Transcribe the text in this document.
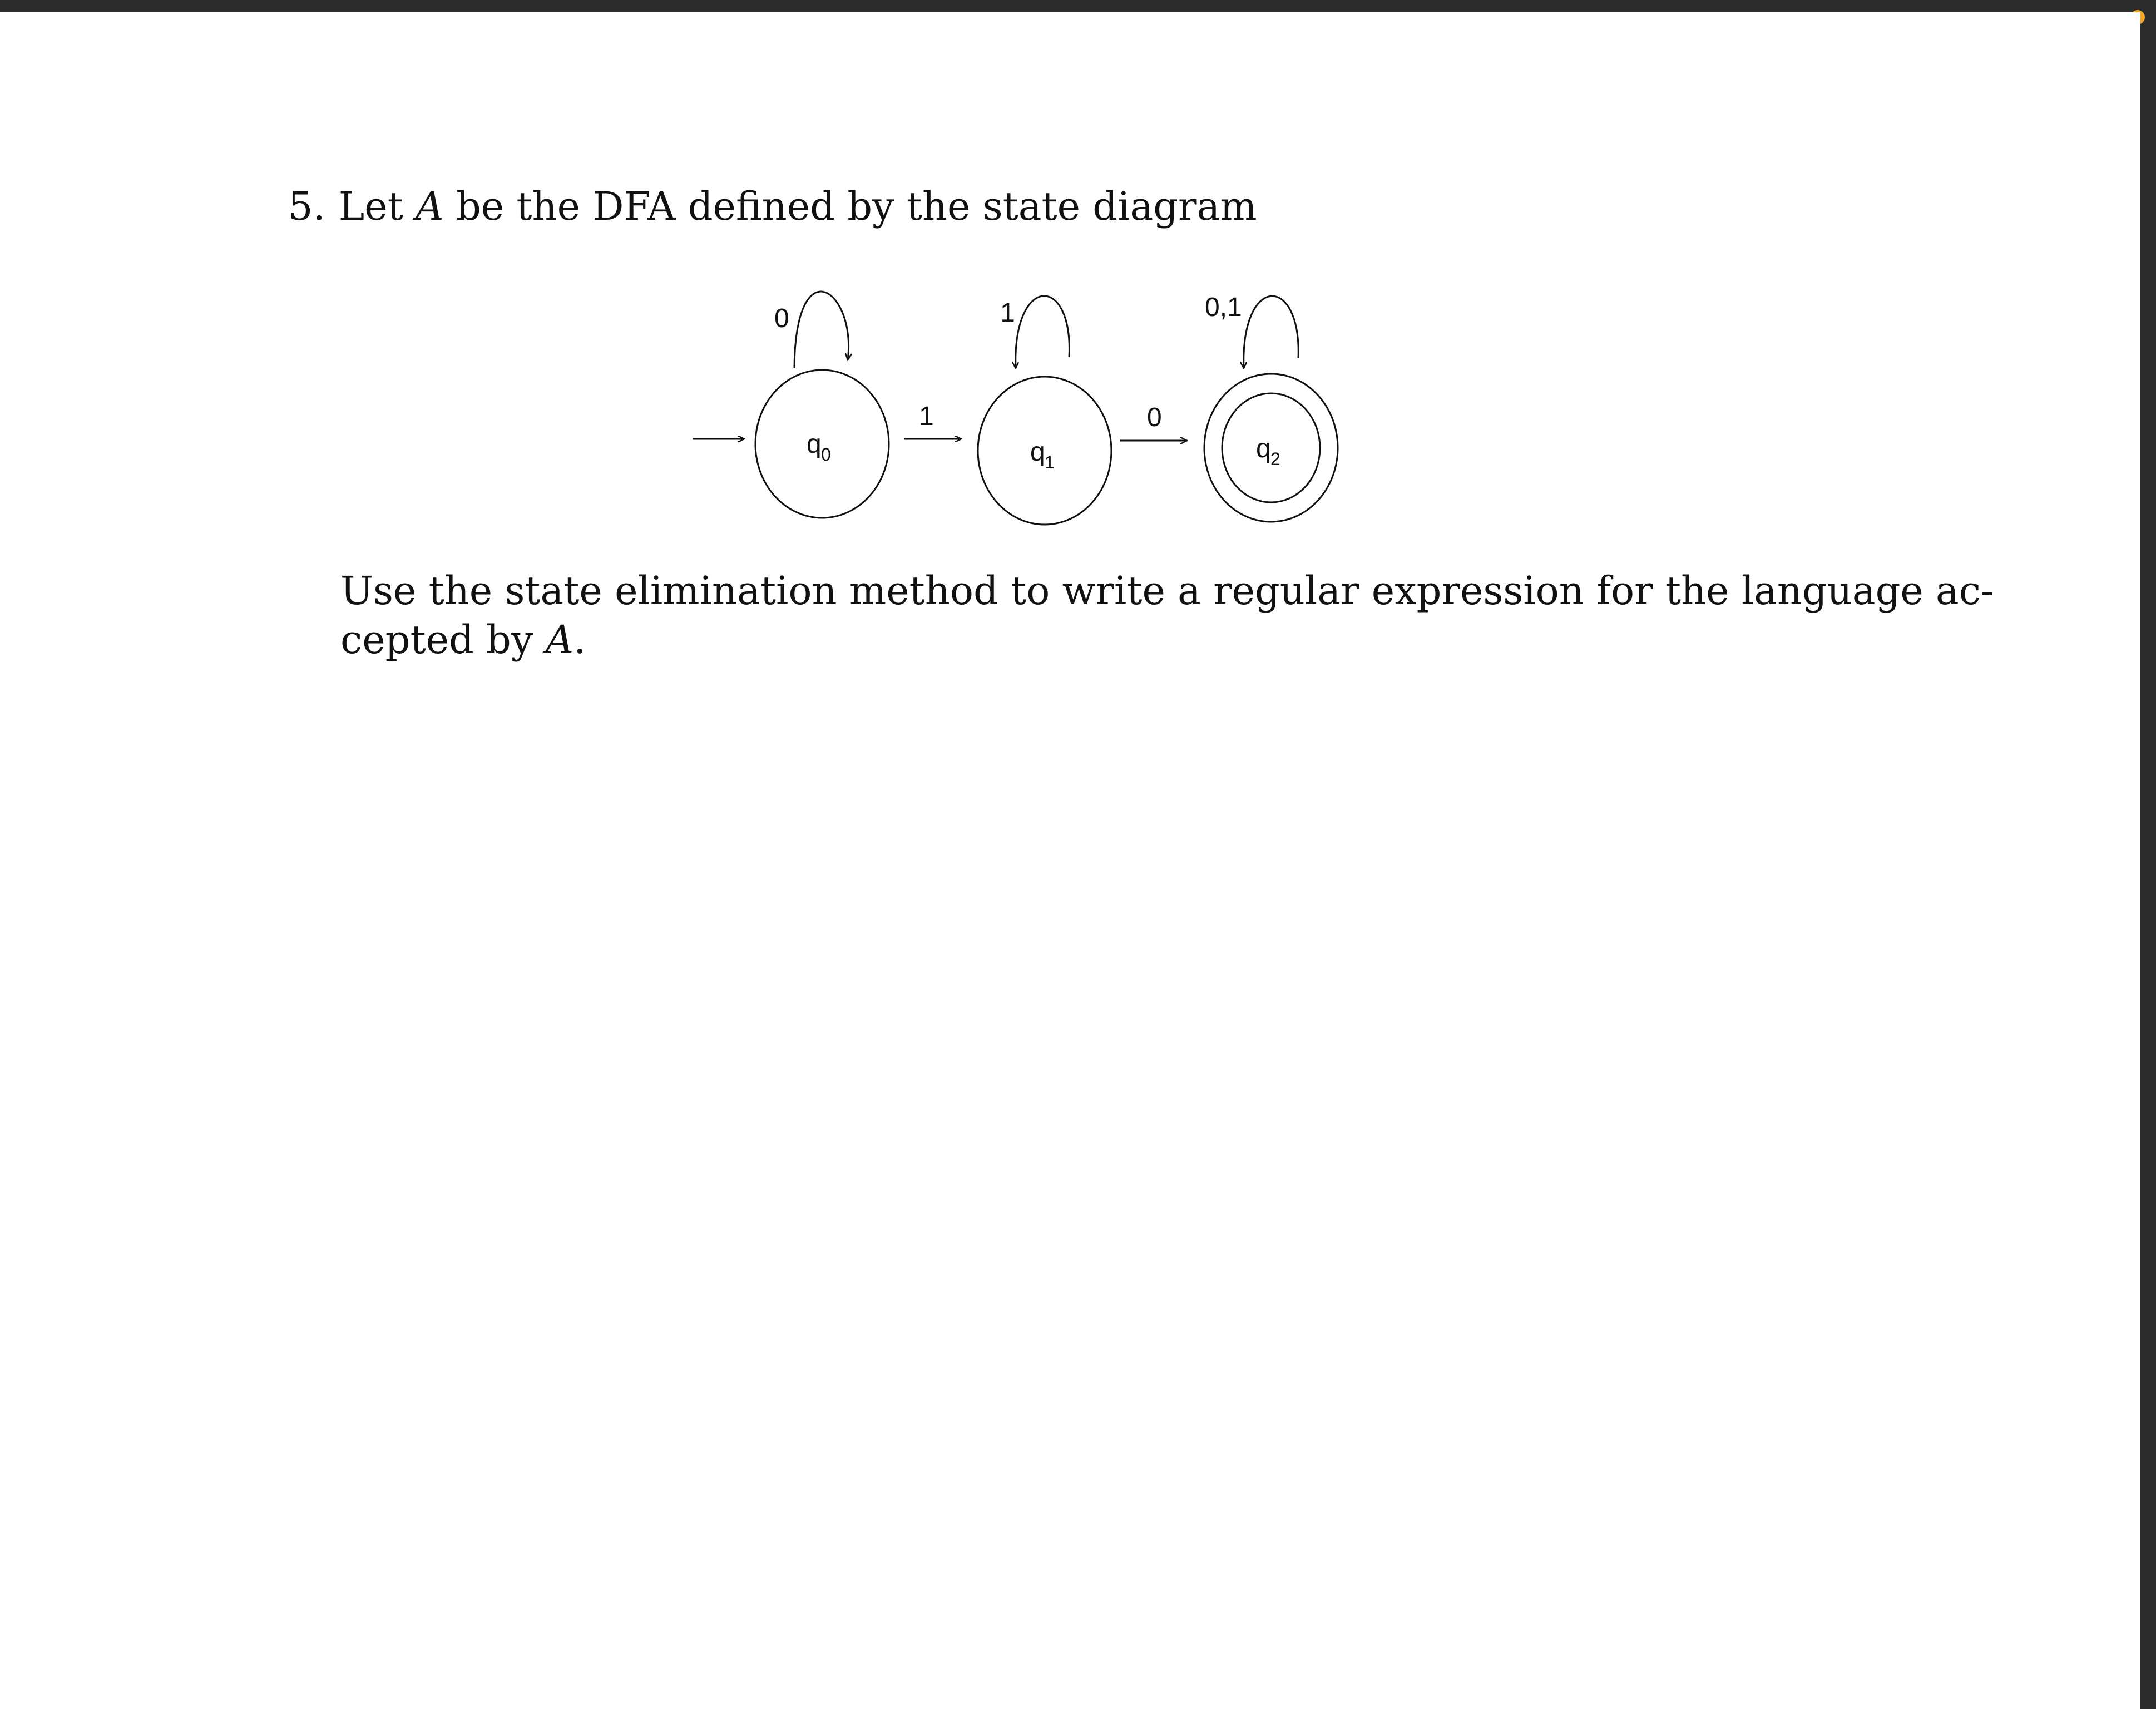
5. Let A be the DFA defined by the state diagram
q 0
0
1
q 1
1
0
q 2
0,1
Use the state elimination method to write a regular expression for the language ac-
cepted by A.
